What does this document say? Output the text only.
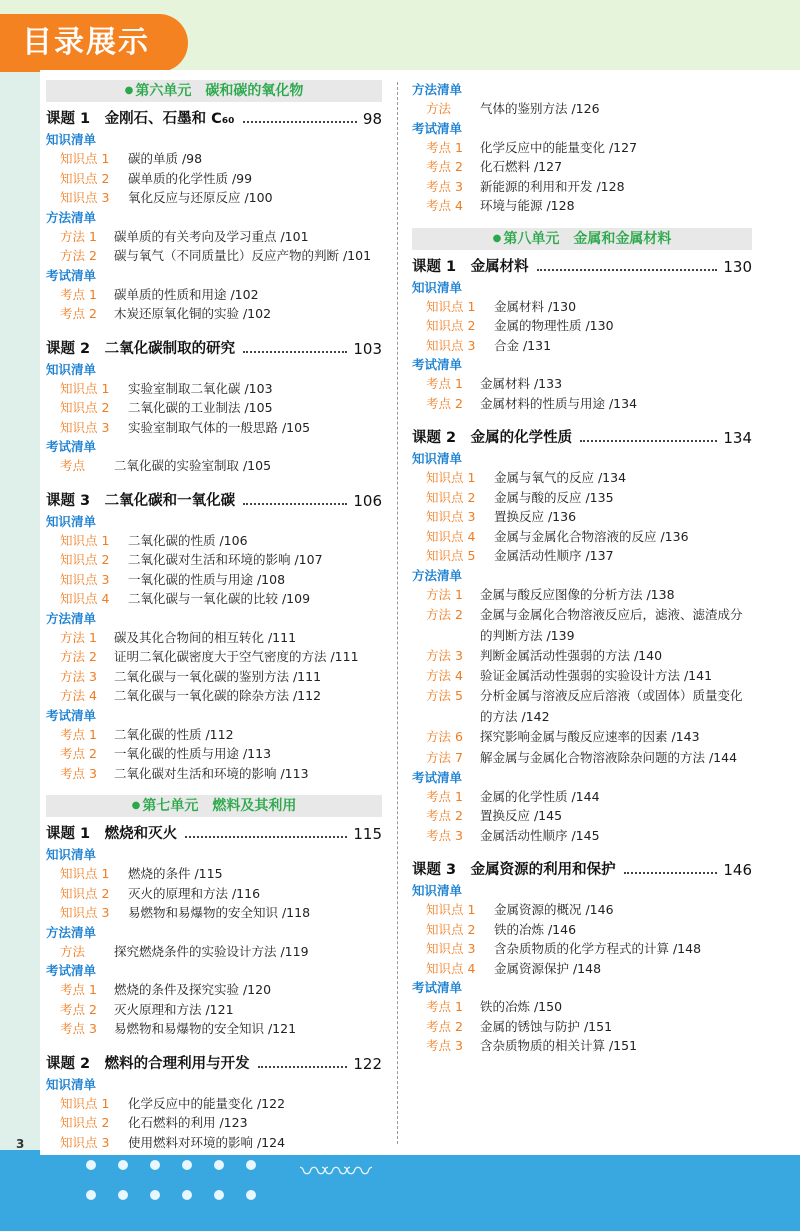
目录展示
● 第六单元　碳和碳的氧化物
课题 1　金刚石、石墨和 C₆₀	98
知识清单
知识点 1 碳的单质 /98
知识点 2 碳单质的化学性质 /99
知识点 3 氧化反应与还原反应 /100
方法清单
方法 1 碳单质的有关考向及学习重点 /101
方法 2 碳与氧气（不同质量比）反应产物的判断 /101
考试清单
考点 1 碳单质的性质和用途 /102
考点 2 木炭还原氧化铜的实验 /102
课题 2　二氧化碳制取的研究	103
知识清单
知识点 1 实验室制取二氧化碳 /103
知识点 2 二氧化碳的工业制法 /105
知识点 3 实验室制取气体的一般思路 /105
考试清单
考点 二氧化碳的实验室制取 /105
课题 3　二氧化碳和一氧化碳	106
知识清单
知识点 1 二氧化碳的性质 /106
知识点 2 二氧化碳对生活和环境的影响 /107
知识点 3 一氧化碳的性质与用途 /108
知识点 4 二氧化碳与一氧化碳的比较 /109
方法清单
方法 1 碳及其化合物间的相互转化 /111
方法 2 证明二氧化碳密度大于空气密度的方法 /111
方法 3 二氧化碳与一氧化碳的鉴别方法 /111
方法 4 二氧化碳与一氧化碳的除杂方法 /112
考试清单
考点 1 二氧化碳的性质 /112
考点 2 一氧化碳的性质与用途 /113
考点 3 二氧化碳对生活和环境的影响 /113
● 第七单元　燃料及其利用
课题 1　燃烧和灭火	115
知识清单
知识点 1 燃烧的条件 /115
知识点 2 灭火的原理和方法 /116
知识点 3 易燃物和易爆物的安全知识 /118
方法清单
方法 探究燃烧条件的实验设计方法 /119
考试清单
考点 1 燃烧的条件及探究实验 /120
考点 2 灭火原理和方法 /121
考点 3 易燃物和易爆物的安全知识 /121
课题 2　燃料的合理利用与开发	122
知识清单
知识点 1 化学反应中的能量变化 /122
知识点 2 化石燃料的利用 /123
知识点 3 使用燃料对环境的影响 /124
方法清单
方法 气体的鉴别方法 /126
考试清单
考点 1 化学反应中的能量变化 /127
考点 2 化石燃料 /127
考点 3 新能源的利用和开发 /128
考点 4 环境与能源 /128
● 第八单元　金属和金属材料
课题 1　金属材料	130
知识清单
知识点 1 金属材料 /130
知识点 2 金属的物理性质 /130
知识点 3 合金 /131
考试清单
考点 1 金属材料 /133
考点 2 金属材料的性质与用途 /134
课题 2　金属的化学性质	134
知识清单
知识点 1 金属与氧气的反应 /134
知识点 2 金属与酸的反应 /135
知识点 3 置换反应 /136
知识点 4 金属与金属化合物溶液的反应 /136
知识点 5 金属活动性顺序 /137
方法清单
方法 1 金属与酸反应图像的分析方法 /138
方法 2	金属与金属化合物溶液反应后，滤液、滤渣成分的判断方法 /139
方法 3 判断金属活动性强弱的方法 /140
方法 4 验证金属活动性强弱的实验设计方法 /141
方法 5	分析金属与溶液反应后溶液（或固体）质量变化的方法 /142
方法 6 探究影响金属与酸反应速率的因素 /143
方法 7	解金属与金属化合物溶液除杂问题的方法 /144
考试清单
考点 1 金属的化学性质 /144
考点 2 置换反应 /145
考点 3 金属活动性顺序 /145
课题 3　金属资源的利用和保护	146
知识清单
知识点 1 金属资源的概况 /146
知识点 2 铁的冶炼 /146
知识点 3 含杂质物质的化学方程式的计算 /148
知识点 4 金属资源保护 /148
考试清单
考点 1 铁的冶炼 /150
考点 2 金属的锈蚀与防护 /151
考点 3 含杂质物质的相关计算 /151
3
〰〰〰
